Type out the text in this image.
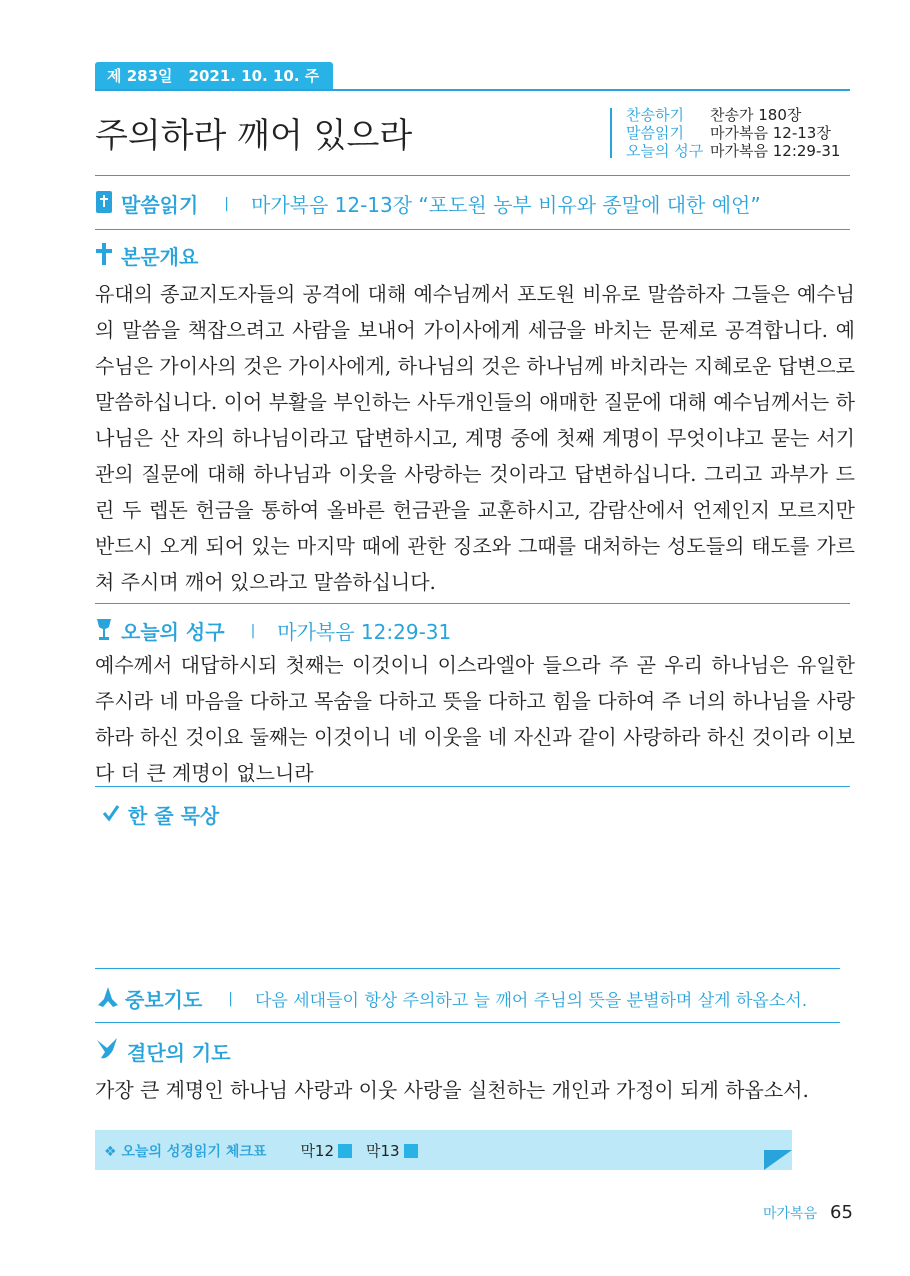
제 283일 2021. 10. 10. 주
주의하라 깨어 있으라
찬송하기 찬송가 180장
말씀읽기 마가복음 12-13장
오늘의 성구 마가복음 12:29-31
말씀읽기 | 마가복음 12-13장 “포도원 농부 비유와 종말에 대한 예언”
본문개요
유대의 종교지도자들의 공격에 대해 예수님께서 포도원 비유로 말씀하자 그들은 예수님의 말씀을 책잡으려고 사람을 보내어 가이사에게 세금을 바치는 문제로 공격합니다. 예수님은 가이사의 것은 가이사에게, 하나님의 것은 하나님께 바치라는 지혜로운 답변으로 말씀하십니다. 이어 부활을 부인하는 사두개인들의 애매한 질문에 대해 예수님께서는 하나님은 산 자의 하나님이라고 답변하시고, 계명 중에 첫째 계명이 무엇이냐고 묻는 서기관의 질문에 대해 하나님과 이웃을 사랑하는 것이라고 답변하십니다. 그리고 과부가 드린 두 렙돈 헌금을 통하여 올바른 헌금관을 교훈하시고, 감람산에서 언제인지 모르지만 반드시 오게 되어 있는 마지막 때에 관한 징조와 그때를 대처하는 성도들의 태도를 가르쳐 주시며 깨어 있으라고 말씀하십니다.
오늘의 성구 | 마가복음 12:29-31
예수께서 대답하시되 첫째는 이것이니 이스라엘아 들으라 주 곧 우리 하나님은 유일한 주시라 네 마음을 다하고 목숨을 다하고 뜻을 다하고 힘을 다하여 주 너의 하나님을 사랑하라 하신 것이요 둘째는 이것이니 네 이웃을 네 자신과 같이 사랑하라 하신 것이라 이보다 더 큰 계명이 없느니라
한 줄 묵상
중보기도 | 다음 세대들이 항상 주의하고 늘 깨어 주님의 뜻을 분별하며 살게 하옵소서.
결단의 기도
가장 큰 계명인 하나님 사랑과 이웃 사랑을 실천하는 개인과 가정이 되게 하옵소서.
❖ 오늘의 성경읽기 체크표 막12 막13
마가복음 65
